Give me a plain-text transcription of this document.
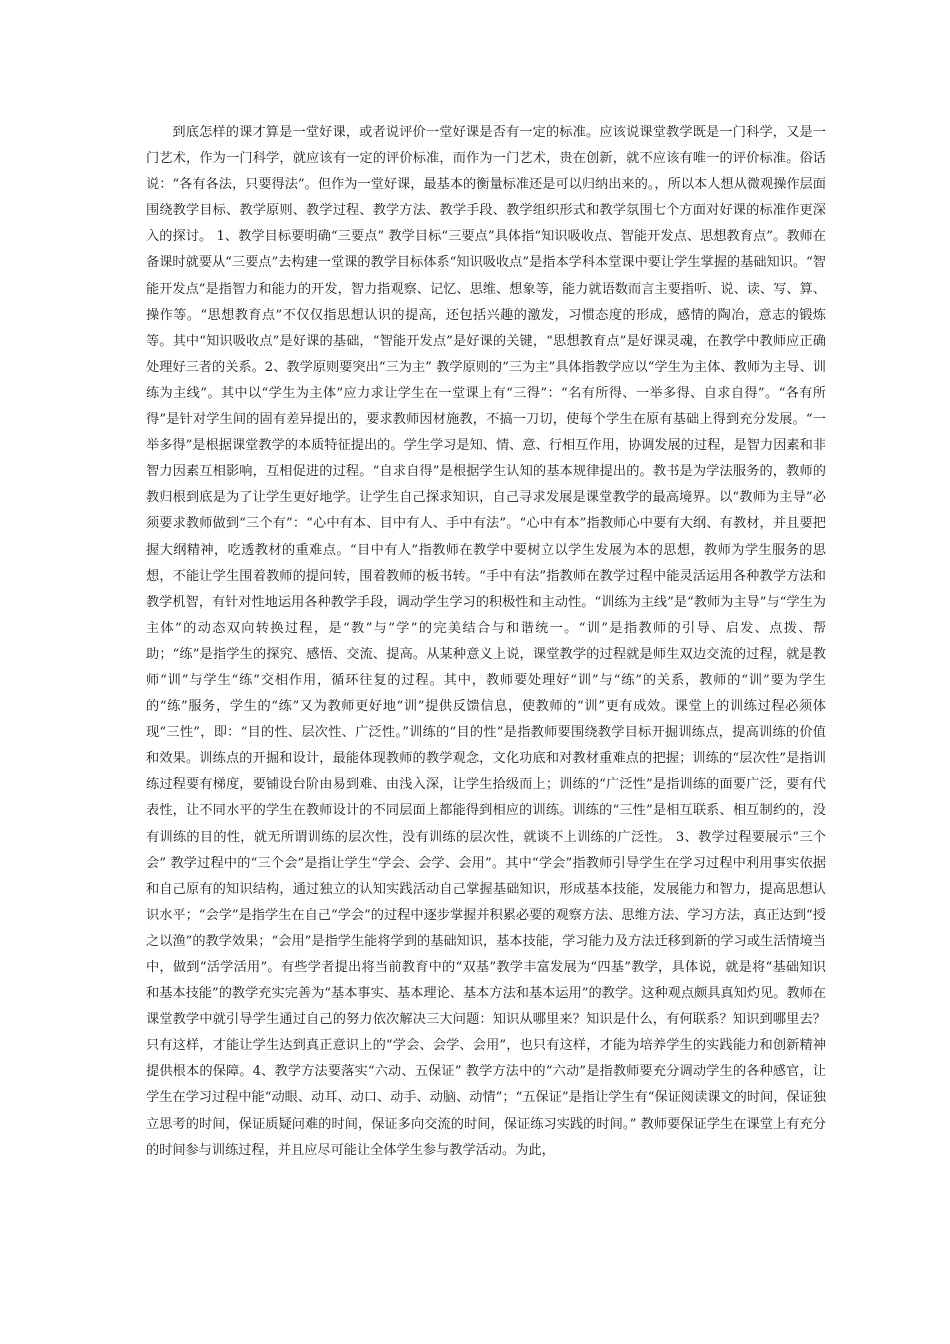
到底怎样的课才算是一堂好课，或者说评价一堂好课是否有一定的标准。应该说课堂教学既是一门科学，又是一门艺术，作为一门科学，就应该有一定的评价标准，而作为一门艺术，贵在创新，就不应该有唯一的评价标准。俗话说：“各有各法，只要得法”。但作为一堂好课，最基本的衡量标准还是可以归纳出来的。，所以本人想从微观操作层面围绕教学目标、教学原则、教学过程、教学方法、教学手段、教学组织形式和教学氛围七个方面对好课的标准作更深入的探讨。 1、教学目标要明确“三要点” 教学目标“三要点”具体指“知识吸收点、智能开发点、思想教育点”。教师在备课时就要从“三要点”去构建一堂课的教学目标体系“知识吸收点”是指本学科本堂课中要让学生掌握的基础知识。“智能开发点”是指智力和能力的开发，智力指观察、记忆、思维、想象等，能力就语数而言主要指听、说、读、写、算、操作等。“思想教育点”不仅仅指思想认识的提高，还包括兴趣的激发，习惯态度的形成，感情的陶冶，意志的锻炼等。其中“知识吸收点”是好课的基础，“智能开发点”是好课的关键，“思想教育点”是好课灵魂，在教学中教师应正确处理好三者的关系。2、教学原则要突出“三为主” 教学原则的“三为主”具体指教学应以“学生为主体、教师为主导、训练为主线”。其中以“学生为主体”应力求让学生在一堂课上有“三得”：“名有所得、一举多得、自求自得”。“各有所得”是针对学生间的固有差异提出的，要求教师因材施教，不搞一刀切，使每个学生在原有基础上得到充分发展。“一举多得”是根据课堂教学的本质特征提出的。学生学习是知、情、意、行相互作用，协调发展的过程，是智力因素和非智力因素互相影响，互相促进的过程。“自求自得”是根据学生认知的基本规律提出的。教书是为学法服务的，教师的教归根到底是为了让学生更好地学。让学生自己探求知识，自己寻求发展是课堂教学的最高境界。以“教师为主导”必须要求教师做到“三个有”：“心中有本、目中有人、手中有法”。“心中有本”指教师心中要有大纲、有教材，并且要把握大纲精神，吃透教材的重难点。“目中有人”指教师在教学中要树立以学生发展为本的思想，教师为学生服务的思想，不能让学生围着教师的提问转，围着教师的板书转。“手中有法”指教师在教学过程中能灵活运用各种教学方法和教学机智，有针对性地运用各种教学手段，调动学生学习的积极性和主动性。“训练为主线”是“教师为主导”与“学生为主体”的动态双向转换过程，是“教”与“学”的完美结合与和谐统一。“训”是指教师的引导、启发、点拨、帮助；“练”是指学生的探究、感悟、交流、提高。从某种意义上说，课堂教学的过程就是师生双边交流的过程，就是教师“训”与学生“练”交相作用，循环往复的过程。其中，教师要处理好“训”与“练”的关系，教师的“训”要为学生的“练”服务，学生的“练”又为教师更好地“训”提供反馈信息，使教师的“训”更有成效。课堂上的训练过程必须体现“三性”，即：“目的性、层次性、广泛性。”训练的“目的性”是指教师要围绕教学目标开掘训练点，提高训练的价值和效果。训练点的开掘和设计，最能体现教师的教学观念，文化功底和对教材重难点的把握；训练的“层次性”是指训练过程要有梯度，要铺设台阶由易到难、由浅入深，让学生拾级而上；训练的“广泛性”是指训练的面要广泛，要有代表性，让不同水平的学生在教师设计的不同层面上都能得到相应的训练。训练的“三性”是相互联系、相互制约的，没有训练的目的性，就无所谓训练的层次性，没有训练的层次性，就谈不上训练的广泛性。 3、教学过程要展示“三个会” 教学过程中的“三个会”是指让学生“学会、会学、会用”。其中“学会”指教师引导学生在学习过程中利用事实依据和自己原有的知识结构，通过独立的认知实践活动自己掌握基础知识，形成基本技能，发展能力和智力，提高思想认识水平；“会学”是指学生在自己“学会”的过程中逐步掌握并积累必要的观察方法、思维方法、学习方法，真正达到“授之以渔”的教学效果；“会用”是指学生能将学到的基础知识，基本技能，学习能力及方法迁移到新的学习或生活情境当中，做到“活学活用”。有些学者提出将当前教育中的“双基”教学丰富发展为“四基”教学，具体说，就是将“基础知识和基本技能”的教学充实完善为“基本事实、基本理论、基本方法和基本运用”的教学。这种观点颇具真知灼见。教师在课堂教学中就引导学生通过自己的努力依次解决三大问题：知识从哪里来？知识是什么，有何联系？知识到哪里去？只有这样，才能让学生达到真正意识上的“学会、会学、会用”，也只有这样，才能为培养学生的实践能力和创新精神提供根本的保障。4、教学方法要落实“六动、五保证” 教学方法中的“六动”是指教师要充分调动学生的各种感官，让学生在学习过程中能“动眼、动耳、动口、动手、动脑、动情”；“五保证”是指让学生有“保证阅读课文的时间，保证独立思考的时间，保证质疑问难的时间，保证多向交流的时间，保证练习实践的时间。” 教师要保证学生在课堂上有充分的时间参与训练过程，并且应尽可能让全体学生参与教学活动。为此，
